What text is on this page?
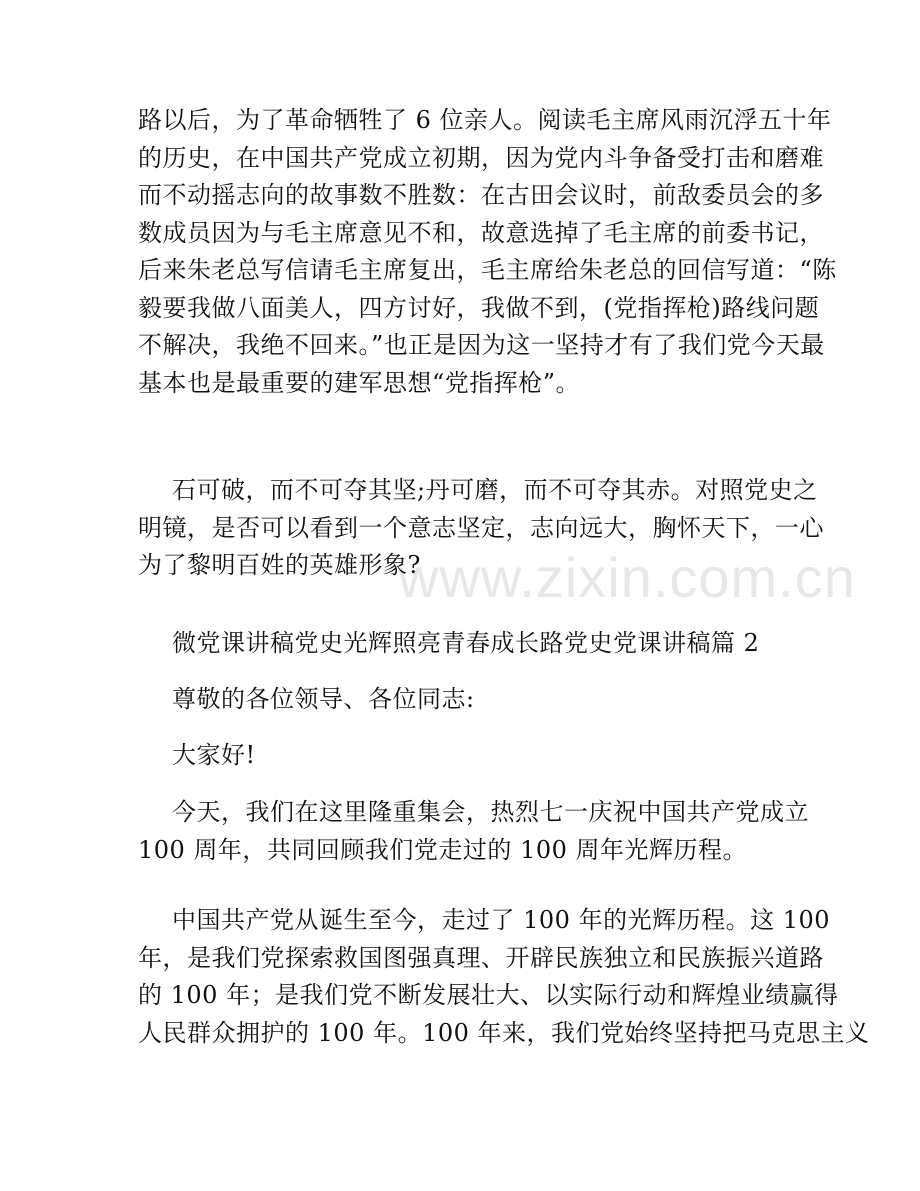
www.zixin.com.cn
路以后，为了革命牺牲了 6 位亲人。阅读毛主席风雨沉浮五十年
的历史，在中国共产党成立初期，因为党内斗争备受打击和磨难
而不动摇志向的故事数不胜数：在古田会议时，前敌委员会的多
数成员因为与毛主席意见不和，故意选掉了毛主席的前委书记，
后来朱老总写信请毛主席复出，毛主席给朱老总的回信写道：“陈
毅要我做八面美人，四方讨好，我做不到，(党指挥枪)路线问题
不解决，我绝不回来。”也正是因为这一坚持才有了我们党今天最
基本也是最重要的建军思想“党指挥枪”。
石可破，而不可夺其坚;丹可磨，而不可夺其赤。对照党史之
明镜，是否可以看到一个意志坚定，志向远大，胸怀天下，一心
为了黎明百姓的英雄形象?
微党课讲稿党史光辉照亮青春成长路党史党课讲稿篇 2
尊敬的各位领导、各位同志:
大家好!
今天，我们在这里隆重集会，热烈七一庆祝中国共产党成立
100 周年，共同回顾我们党走过的 100 周年光辉历程。
中国共产党从诞生至今，走过了 100 年的光辉历程。这 100
年，是我们党探索救国图强真理、开辟民族独立和民族振兴道路
的 100 年；是我们党不断发展壮大、以实际行动和辉煌业绩赢得
人民群众拥护的 100 年。100 年来，我们党始终坚持把马克思主义
